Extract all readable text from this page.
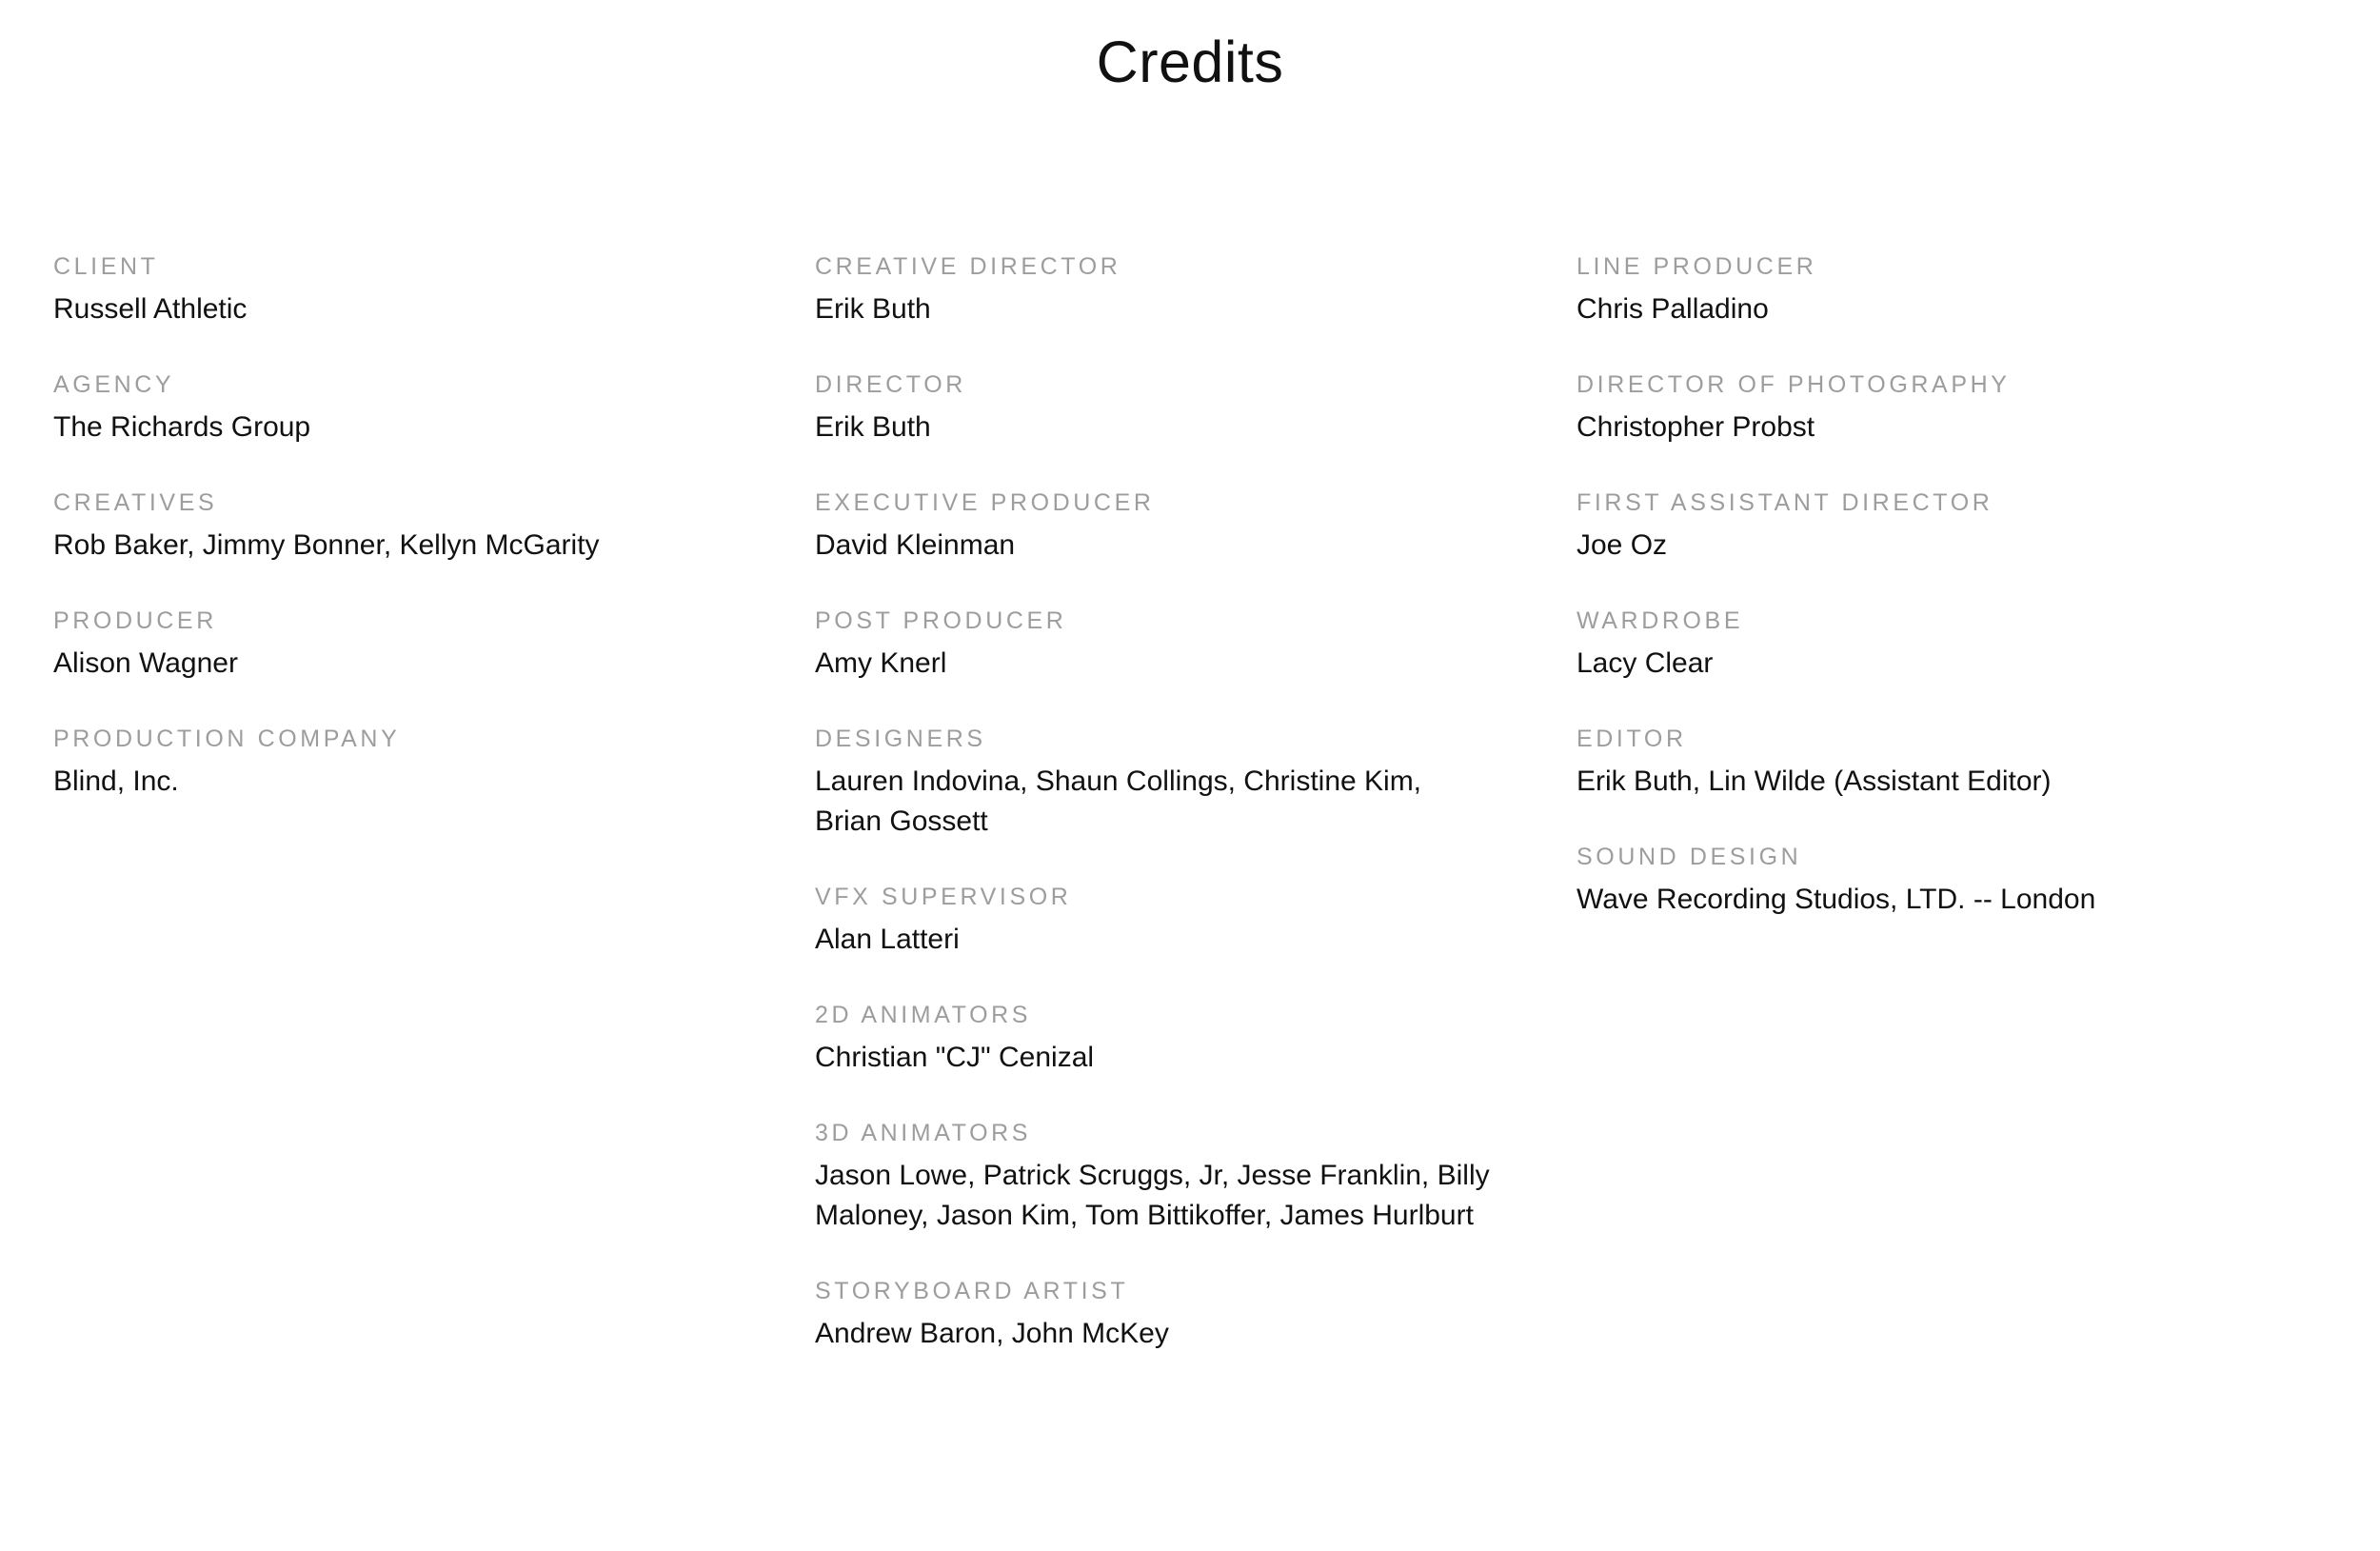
Credits
CLIENT
Russell Athletic
AGENCY
The Richards Group
CREATIVES
Rob Baker, Jimmy Bonner, Kellyn McGarity
PRODUCER
Alison Wagner
PRODUCTION COMPANY
Blind, Inc.
CREATIVE DIRECTOR
Erik Buth
DIRECTOR
Erik Buth
EXECUTIVE PRODUCER
David Kleinman
POST PRODUCER
Amy Knerl
DESIGNERS
Lauren Indovina, Shaun Collings, Christine Kim, Brian Gossett
VFX SUPERVISOR
Alan Latteri
2D ANIMATORS
Christian "CJ" Cenizal
3D ANIMATORS
Jason Lowe, Patrick Scruggs, Jr, Jesse Franklin, Billy Maloney, Jason Kim, Tom Bittikoffer, James Hurlburt
STORYBOARD ARTIST
Andrew Baron, John McKey
LINE PRODUCER
Chris Palladino
DIRECTOR OF PHOTOGRAPHY
Christopher Probst
FIRST ASSISTANT DIRECTOR
Joe Oz
WARDROBE
Lacy Clear
EDITOR
Erik Buth, Lin Wilde (Assistant Editor)
SOUND DESIGN
Wave Recording Studios, LTD. -- London
